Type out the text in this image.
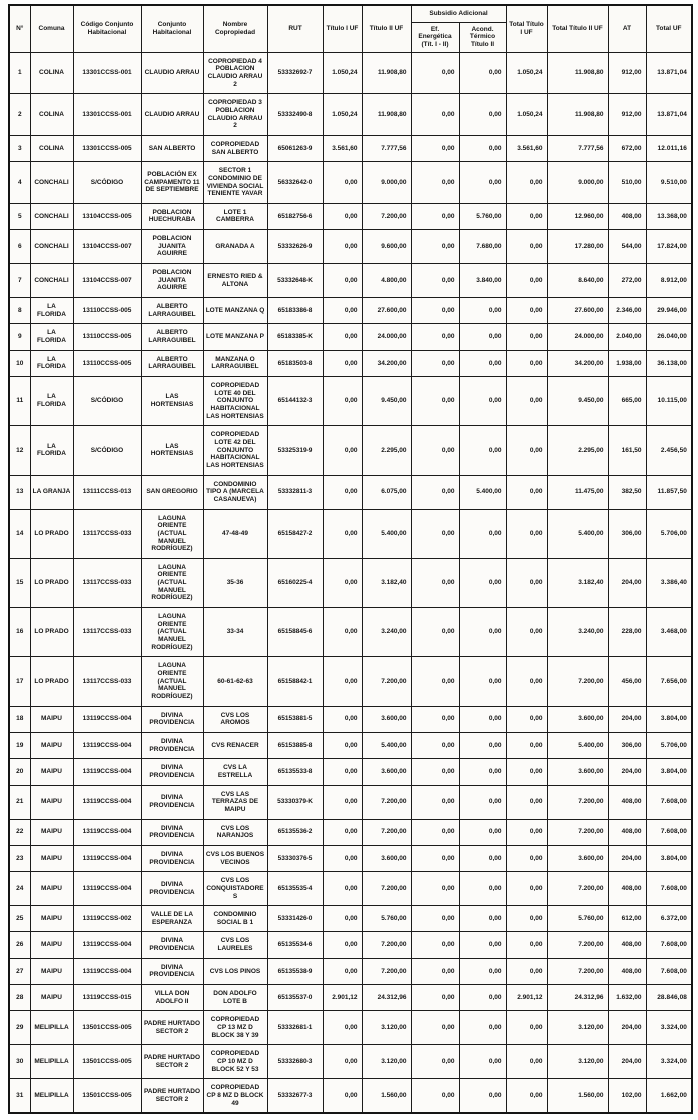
N°	Comuna	Código Conjunto Habitacional	Conjunto Habitacional	Nombre Copropiedad	RUT	Título I UF	Título II UF	Subsidio Adicional		Total Título I UF	Total Título II UF	AT	Total UF
								Ef. Energética (Tít. I - II)	Acond. Térmico Título II				
1	COLINA	13301CCSS-001	CLAUDIO ARRAU	COPROPIEDAD 4 POBLACION CLAUDIO ARRAU 2	53332692-7	1.050,24	11.908,80	0,00	0,00	1.050,24	11.908,80	912,00	13.871,04
2	COLINA	13301CCSS-001	CLAUDIO ARRAU	COPROPIEDAD 3 POBLACION CLAUDIO ARRAU 2	53332490-8	1.050,24	11.908,80	0,00	0,00	1.050,24	11.908,80	912,00	13.871,04
3	COLINA	13301CCSS-005	SAN ALBERTO	COPROPIEDAD SAN ALBERTO	65061263-9	3.561,60	7.777,56	0,00	0,00	3.561,60	7.777,56	672,00	12.011,16
4	CONCHALI	S/CÓDIGO	POBLACIÓN EX CAMPAMENTO 11 DE SEPTIEMBRE	SECTOR 1 CONDOMINIO DE VIVIENDA SOCIAL TENIENTE YAVAR	56332642-0	0,00	9.000,00	0,00	0,00	0,00	9.000,00	510,00	9.510,00
5	CONCHALI	13104CCSS-005	POBLACION HUECHURABA	LOTE 1 CAMBERRA	65182756-6	0,00	7.200,00	0,00	5.760,00	0,00	12.960,00	408,00	13.368,00
6	CONCHALI	13104CCSS-007	POBLACION JUANITA AGUIRRE	GRANADA A	53332626-9	0,00	9.600,00	0,00	7.680,00	0,00	17.280,00	544,00	17.824,00
7	CONCHALI	13104CCSS-007	POBLACION JUANITA AGUIRRE	ERNESTO RIED & ALTONA	53332648-K	0,00	4.800,00	0,00	3.840,00	0,00	8.640,00	272,00	8.912,00
8	LA FLORIDA	13110CCSS-005	ALBERTO LARRAGUIBEL	LOTE MANZANA Q	65183386-8	0,00	27.600,00	0,00	0,00	0,00	27.600,00	2.346,00	29.946,00
9	LA FLORIDA	13110CCSS-005	ALBERTO LARRAGUIBEL	LOTE MANZANA P	65183385-K	0,00	24.000,00	0,00	0,00	0,00	24.000,00	2.040,00	26.040,00
10	LA FLORIDA	13110CCSS-005	ALBERTO LARRAGUIBEL	MANZANA O LARRAGUIBEL	65183503-8	0,00	34.200,00	0,00	0,00	0,00	34.200,00	1.938,00	36.138,00
11	LA FLORIDA	S/CÓDIGO	LAS HORTENSIAS	COPROPIEDAD LOTE 40 DEL CONJUNTO HABITACIONAL LAS HORTENSIAS	65144132-3	0,00	9.450,00	0,00	0,00	0,00	9.450,00	665,00	10.115,00
12	LA FLORIDA	S/CÓDIGO	LAS HORTENSIAS	COPROPIEDAD LOTE 42 DEL CONJUNTO HABITACIONAL LAS HORTENSIAS	53325319-9	0,00	2.295,00	0,00	0,00	0,00	2.295,00	161,50	2.456,50
13	LA GRANJA	13111CCSS-013	SAN GREGORIO	CONDOMINIO TIPO A (MARCELA CASANUEVA)	53332811-3	0,00	6.075,00	0,00	5.400,00	0,00	11.475,00	382,50	11.857,50
14	LO PRADO	13117CCSS-033	LAGUNA ORIENTE (ACTUAL MANUEL RODRÍGUEZ)	47-48-49	65158427-2	0,00	5.400,00	0,00	0,00	0,00	5.400,00	306,00	5.706,00
15	LO PRADO	13117CCSS-033	LAGUNA ORIENTE (ACTUAL MANUEL RODRÍGUEZ)	35-36	65160225-4	0,00	3.182,40	0,00	0,00	0,00	3.182,40	204,00	3.386,40
16	LO PRADO	13117CCSS-033	LAGUNA ORIENTE (ACTUAL MANUEL RODRÍGUEZ)	33-34	65158845-6	0,00	3.240,00	0,00	0,00	0,00	3.240,00	228,00	3.468,00
17	LO PRADO	13117CCSS-033	LAGUNA ORIENTE (ACTUAL MANUEL RODRÍGUEZ)	60-61-62-63	65158842-1	0,00	7.200,00	0,00	0,00	0,00	7.200,00	456,00	7.656,00
18	MAIPU	13119CCSS-004	DIVINA PROVIDENCIA	CVS LOS AROMOS	65153881-5	0,00	3.600,00	0,00	0,00	0,00	3.600,00	204,00	3.804,00
19	MAIPU	13119CCSS-004	DIVINA PROVIDENCIA	CVS RENACER	65153885-8	0,00	5.400,00	0,00	0,00	0,00	5.400,00	306,00	5.706,00
20	MAIPU	13119CCSS-004	DIVINA PROVIDENCIA	CVS LA ESTRELLA	65135533-8	0,00	3.600,00	0,00	0,00	0,00	3.600,00	204,00	3.804,00
21	MAIPU	13119CCSS-004	DIVINA PROVIDENCIA	CVS LAS TERRAZAS DE MAIPU	53330379-K	0,00	7.200,00	0,00	0,00	0,00	7.200,00	408,00	7.608,00
22	MAIPU	13119CCSS-004	DIVINA PROVIDENCIA	CVS LOS NARANJOS	65135536-2	0,00	7.200,00	0,00	0,00	0,00	7.200,00	408,00	7.608,00
23	MAIPU	13119CCSS-004	DIVINA PROVIDENCIA	CVS LOS BUENOS VECINOS	53330376-5	0,00	3.600,00	0,00	0,00	0,00	3.600,00	204,00	3.804,00
24	MAIPU	13119CCSS-004	DIVINA PROVIDENCIA	CVS LOS CONQUISTADORES	65135535-4	0,00	7.200,00	0,00	0,00	0,00	7.200,00	408,00	7.608,00
25	MAIPU	13119CCSS-002	VALLE DE LA ESPERANZA	CONDOMINIO SOCIAL B 1	53331426-0	0,00	5.760,00	0,00	0,00	0,00	5.760,00	612,00	6.372,00
26	MAIPU	13119CCSS-004	DIVINA PROVIDENCIA	CVS LOS LAURELES	65135534-6	0,00	7.200,00	0,00	0,00	0,00	7.200,00	408,00	7.608,00
27	MAIPU	13119CCSS-004	DIVINA PROVIDENCIA	CVS LOS PINOS	65135538-9	0,00	7.200,00	0,00	0,00	0,00	7.200,00	408,00	7.608,00
28	MAIPU	13119CCSS-015	VILLA DON ADOLFO II	DON ADOLFO LOTE B	65135537-0	2.901,12	24.312,96	0,00	0,00	2.901,12	24.312,96	1.632,00	28.846,08
29	MELIPILLA	13501CCSS-005	PADRE HURTADO SECTOR 2	COPROPIEDAD CP 13 MZ D BLOCK 38 Y 39	53332681-1	0,00	3.120,00	0,00	0,00	0,00	3.120,00	204,00	3.324,00
30	MELIPILLA	13501CCSS-005	PADRE HURTADO SECTOR 2	COPROPIEDAD CP 10 MZ D BLOCK 52 Y 53	53332680-3	0,00	3.120,00	0,00	0,00	0,00	3.120,00	204,00	3.324,00
31	MELIPILLA	13501CCSS-005	PADRE HURTADO SECTOR 2	COPROPIEDAD CP 8 MZ D BLOCK 49	53332677-3	0,00	1.560,00	0,00	0,00	0,00	1.560,00	102,00	1.662,00
